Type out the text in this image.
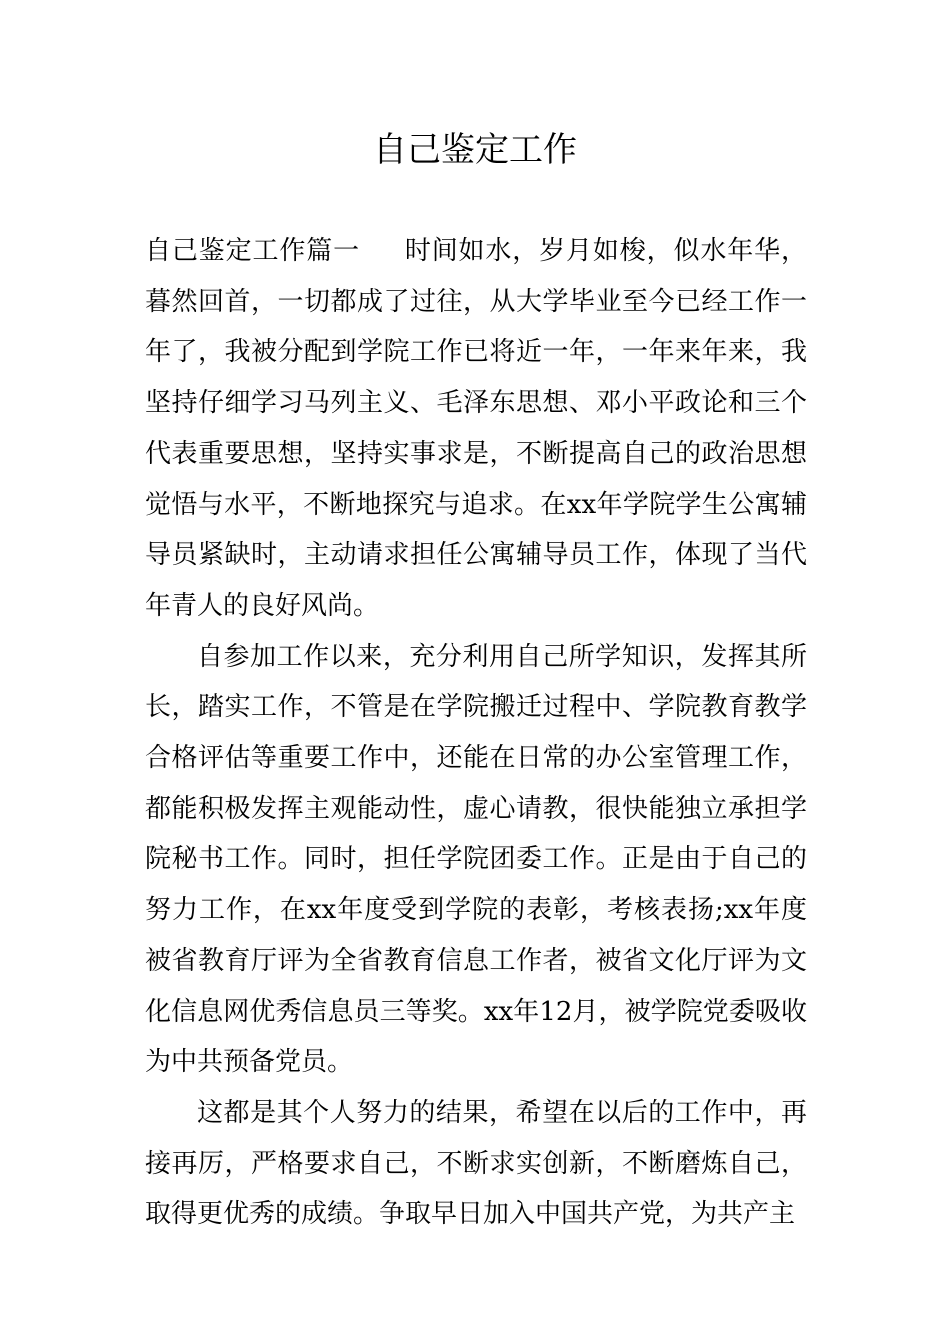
自己鉴定工作

自己鉴定工作篇一 时间如水，岁月如梭，似水年华，暮然回首，一切都成了过往，从大学毕业至今已经工作一年了，我被分配到学院工作已将近一年，一年来年来，我坚持仔细学习马列主义、毛泽东思想、邓小平政论和三个代表重要思想，坚持实事求是，不断提高自己的政治思想觉悟与水平，不断地探究与追求。在xx年学院学生公寓辅导员紧缺时，主动请求担任公寓辅导员工作，体现了当代年青人的良好风尚。

自参加工作以来，充分利用自己所学知识，发挥其所长，踏实工作，不管是在学院搬迁过程中、学院教育教学合格评估等重要工作中，还能在日常的办公室管理工作，都能积极发挥主观能动性，虚心请教，很快能独立承担学院秘书工作。同时，担任学院团委工作。正是由于自己的努力工作，在xx年度受到学院的表彰，考核表扬;xx年度被省教育厅评为全省教育信息工作者，被省文化厅评为文化信息网优秀信息员三等奖。xx年12月，被学院党委吸收为中共预备党员。

这都是其个人努力的结果，希望在以后的工作中，再接再厉，严格要求自己，不断求实创新，不断磨炼自己，取得更优秀的成绩。争取早日加入中国共产党，为共产主
